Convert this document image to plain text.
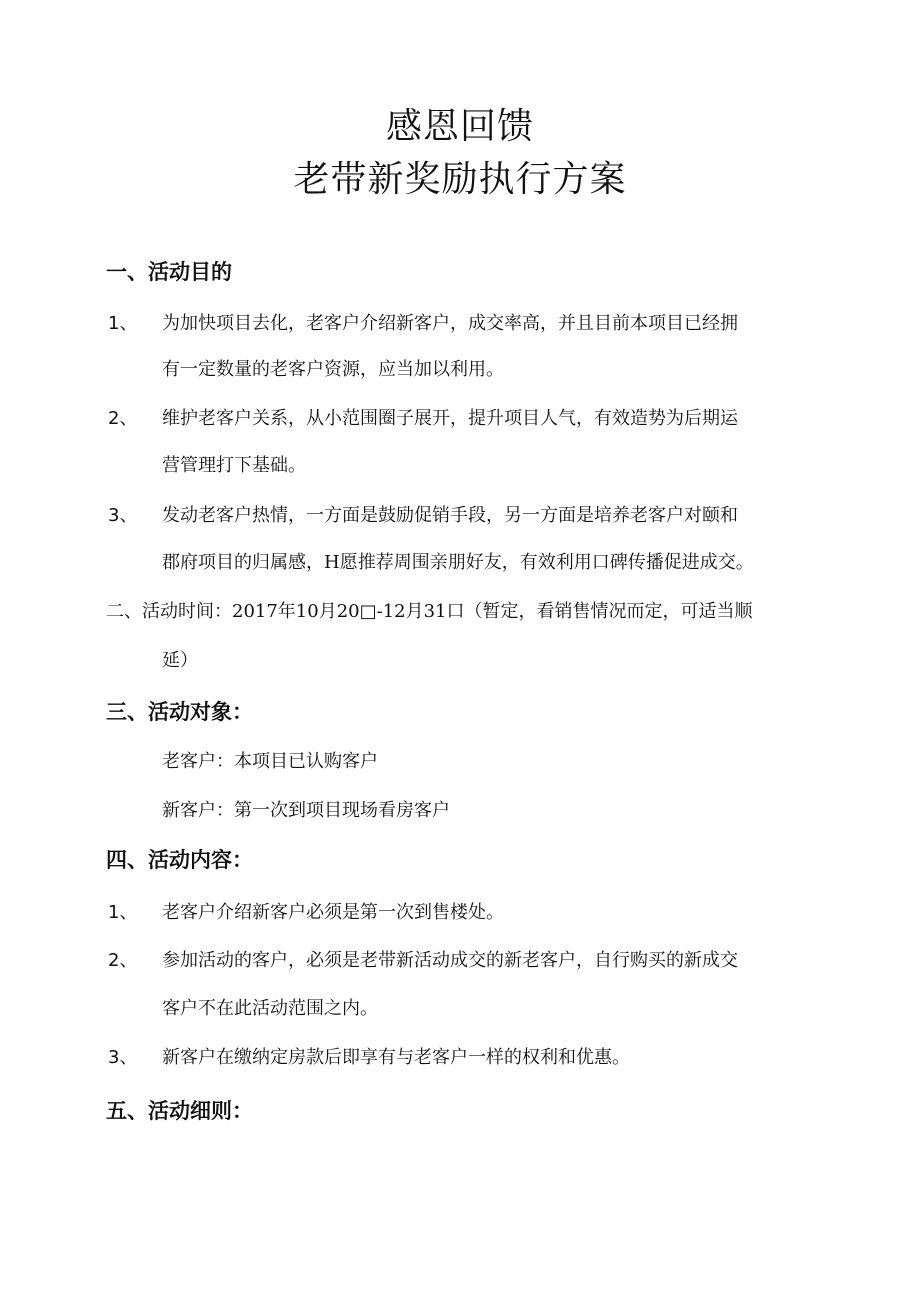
感恩回馈
老带新奖励执行方案
一、活动目的
1、 为加快项目去化，老客户介绍新客户，成交率高，并且目前本项目已经拥
有一定数量的老客户资源，应当加以利用。
2、 维护老客户关系，从小范围圈子展开，提升项目人气，有效造势为后期运
营管理打下基础。
3、 发动老客户热情，一方面是鼓励促销手段，另一方面是培养老客户对颐和
郡府项目的归属感，H愿推荐周围亲朋好友，有效利用口碑传播促进成交。
二、活动时间：2017年10月20□-12月31口（暂定，看销售情况而定，可适当顺
延）
三、活动对象：
老客户：本项目已认购客户
新客户：第一次到项目现场看房客户
四、活动内容：
1、 老客户介绍新客户必须是第一次到售楼处。
2、 参加活动的客户，必须是老带新活动成交的新老客户，自行购买的新成交
客户不在此活动范围之内。
3、 新客户在缴纳定房款后即享有与老客户一样的权利和优惠。
五、活动细则：
